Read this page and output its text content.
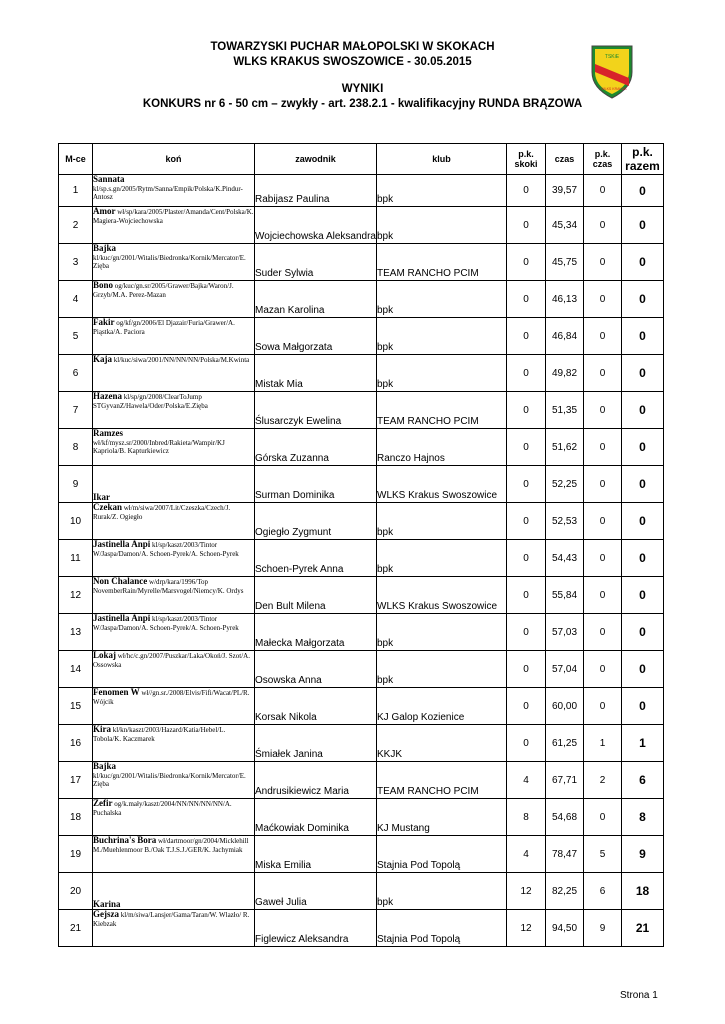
TOWARZYSKI PUCHAR MAŁOPOLSKI W SKOKACH
WLKS KRAKUS SWOSZOWICE - 30.05.2015
WYNIKI
KONKURS nr 6 - 50 cm – zwykły - art. 238.2.1 - kwalifikacyjny RUNDA BRĄZOWA
TSKiE
WLKS KRAKUS
M-ce	koń	zawodnik	klub	p.k. skoki	czas	p.k. czas	p.k. razem
1	Sannata kl/sp.s.gn/2005/Rytm/Sanna/Empik/Polska/K.Pindur-Antosz	Rabijasz Paulina	bpk	0	39,57	0	0
2	Amor wł/sp/kara/2005/Plaster/Amanda/Cent/Polska/K. Magiera-Wojciechowska	Wojciechowska Aleksandra	bpk	0	45,34	0	0
3	Bajka kl/kuc/gn/2001/Witalis/Biedronka/Kornik/Mercator/E. Zięba	Suder Sylwia	TEAM RANCHO PCIM	0	45,75	0	0
4	Bono og/kuc/gn.sr/2005/Grawer/Bajka/Waron/J. Grzyb/M.A. Perez-Mazan	Mazan Karolina	bpk	0	46,13	0	0
5	Fakir og/kf/gn/2006/El Djazair/Furia/Grawer/A. Piąstka/A. Paciora	Sowa Małgorzata	bpk	0	46,84	0	0
6	Kaja kl/kuc/siwa/2001/NN/NN/NN/Polska/M.Kwinta	Mistak Mia	bpk	0	49,82	0	0
7	Hazena kl/sp/gn/2008/ClearToJump STGyvanZ/Hawela/Oder/Polska/E.Zięba	Ślusarczyk Ewelina	TEAM RANCHO PCIM	0	51,35	0	0
8	Ramzes wł/kf/mysz.sr/2000/Inbred/Rakieta/Wampir/KJ Kapriola/B. Kapturkiewicz	Górska Zuzanna	Ranczo Hajnos	0	51,62	0	0
9	Ikar	Surman Dominika	WLKS Krakus Swoszowice	0	52,25	0	0
10	Czekan wł/m/siwa/2007/Lit/Czeszka/Czech/J. Rurak/Z. Ogiegło	Ogiegło Zygmunt	bpk	0	52,53	0	0
11	Jastinella Anpi kl/sp/kaszt/2003/Tintor W/Jaspa/Damon/A. Schoen-Pyrek/A. Schoen-Pyrek	Schoen-Pyrek Anna	bpk	0	54,43	0	0
12	Non Chalance w/drp/kara/1996/Top NovemberRain/Myrelle/Marsvogel/Niemcy/K. Ordys	Den Bult Milena	WLKS Krakus Swoszowice	0	55,84	0	0
13	Jastinella Anpi kl/sp/kaszt/2003/Tintor W/Jaspa/Damon/A. Schoen-Pyrek/A. Schoen-Pyrek	Małecka Małgorzata	bpk	0	57,03	0	0
14	Lokaj wł/hc/c.gn/2007/Puszkar/Laka/Okoń/J. Szot/A. Ossowska	Osowska Anna	bpk	0	57,04	0	0
15	Fenomen W wł//gn.sr./2008/Elvis/Fifi/Wacat/PL/R. Wójcik	Korsak Nikola	KJ Galop Kozienice	0	60,00	0	0
16	Kira kl/kn/kaszt/2003/Hazard/Katia/Hebel/L. Tobola/K. Kaczmarek	Śmiałek Janina	KKJK	0	61,25	1	1
17	Bajka kl/kuc/gn/2001/Witalis/Biedronka/Kornik/Mercator/E. Zięba	Andrusikiewicz Maria	TEAM RANCHO PCIM	4	67,71	2	6
18	Zefir og/k.mały/kaszt/2004/NN/NN/NN/NN/A. Puchalska	Maćkowiak Dominika	KJ Mustang	8	54,68	0	8
19	Buchrina's Bora wł/dartmoor/gn/2004/Micklehill M./Muehlenmoor B./Oak T.J.S.J./GER/K. Jachymiak	Miska Emilia	Stajnia Pod Topolą	4	78,47	5	9
20	Karina	Gaweł Julia	bpk	12	82,25	6	18
21	Gejsza kl/m/siwa/Lansjer/Gama/Taran/W. Wlazło/ R. Kiebzak	Figlewicz Aleksandra	Stajnia Pod Topolą	12	94,50	9	21
Strona 1
